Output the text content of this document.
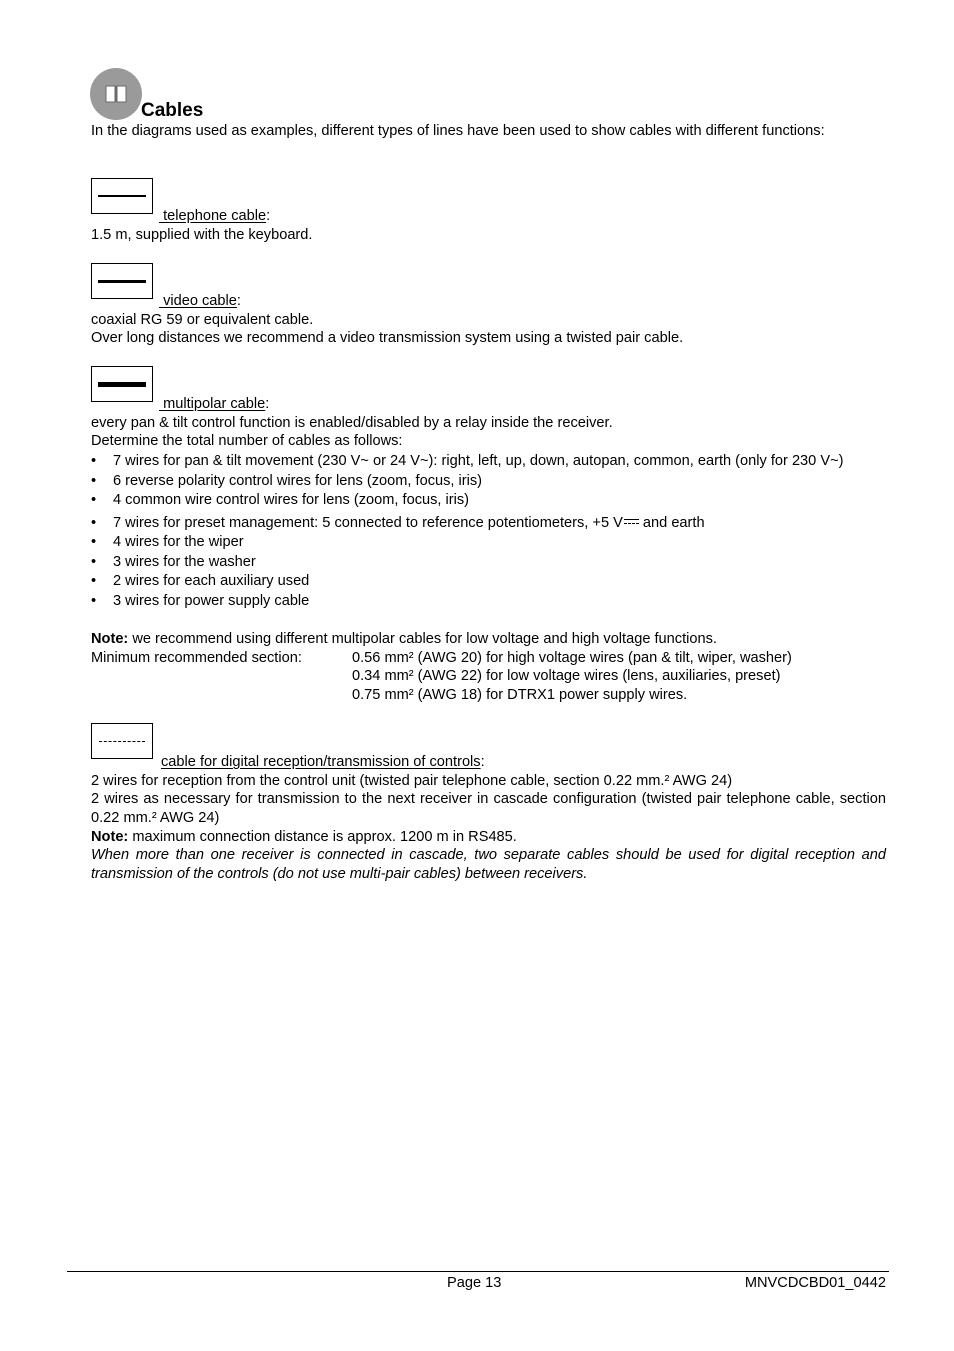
Cables
In the diagrams used as examples, different types of lines have been used to show cables with different functions:
telephone cable:
1.5 m, supplied with the keyboard.
video cable:
coaxial RG 59 or equivalent cable.
Over long distances we recommend a video transmission system using a twisted pair cable.
multipolar cable:
every pan & tilt control function is enabled/disabled by a relay inside the receiver.
Determine the total number of cables as follows:
• 7 wires for pan & tilt movement (230 V~ or 24 V~): right, left, up, down, autopan, common, earth (only for 230 V~)
• 6 reverse polarity control wires for lens (zoom, focus, iris)
• 4 common wire control wires for lens (zoom, focus, iris)
• 7 wires for preset management: 5 connected to reference potentiometers, +5 V and earth
• 4 wires for the wiper
• 3 wires for the washer
• 2 wires for each auxiliary used
• 3 wires for power supply cable
Note: we recommend using different multipolar cables for low voltage and high voltage functions.
Minimum recommended section:	0.56 mm² (AWG 20) for high voltage wires (pan & tilt, wiper, washer)
0.34 mm² (AWG 22) for low voltage wires (lens, auxiliaries, preset)
0.75 mm² (AWG 18) for DTRX1 power supply wires.
cable for digital reception/transmission of controls:
2 wires for reception from the control unit (twisted pair telephone cable, section 0.22 mm.² AWG 24)
2 wires as necessary for transmission to the next receiver in cascade configuration (twisted pair telephone cable, section 0.22 mm.² AWG 24)
Note: maximum connection distance is approx. 1200 m in RS485.
When more than one receiver is connected in cascade, two separate cables should be used for digital reception and transmission of the controls (do not use multi-pair cables) between receivers.
Page 13	MNVCDCBD01_0442
